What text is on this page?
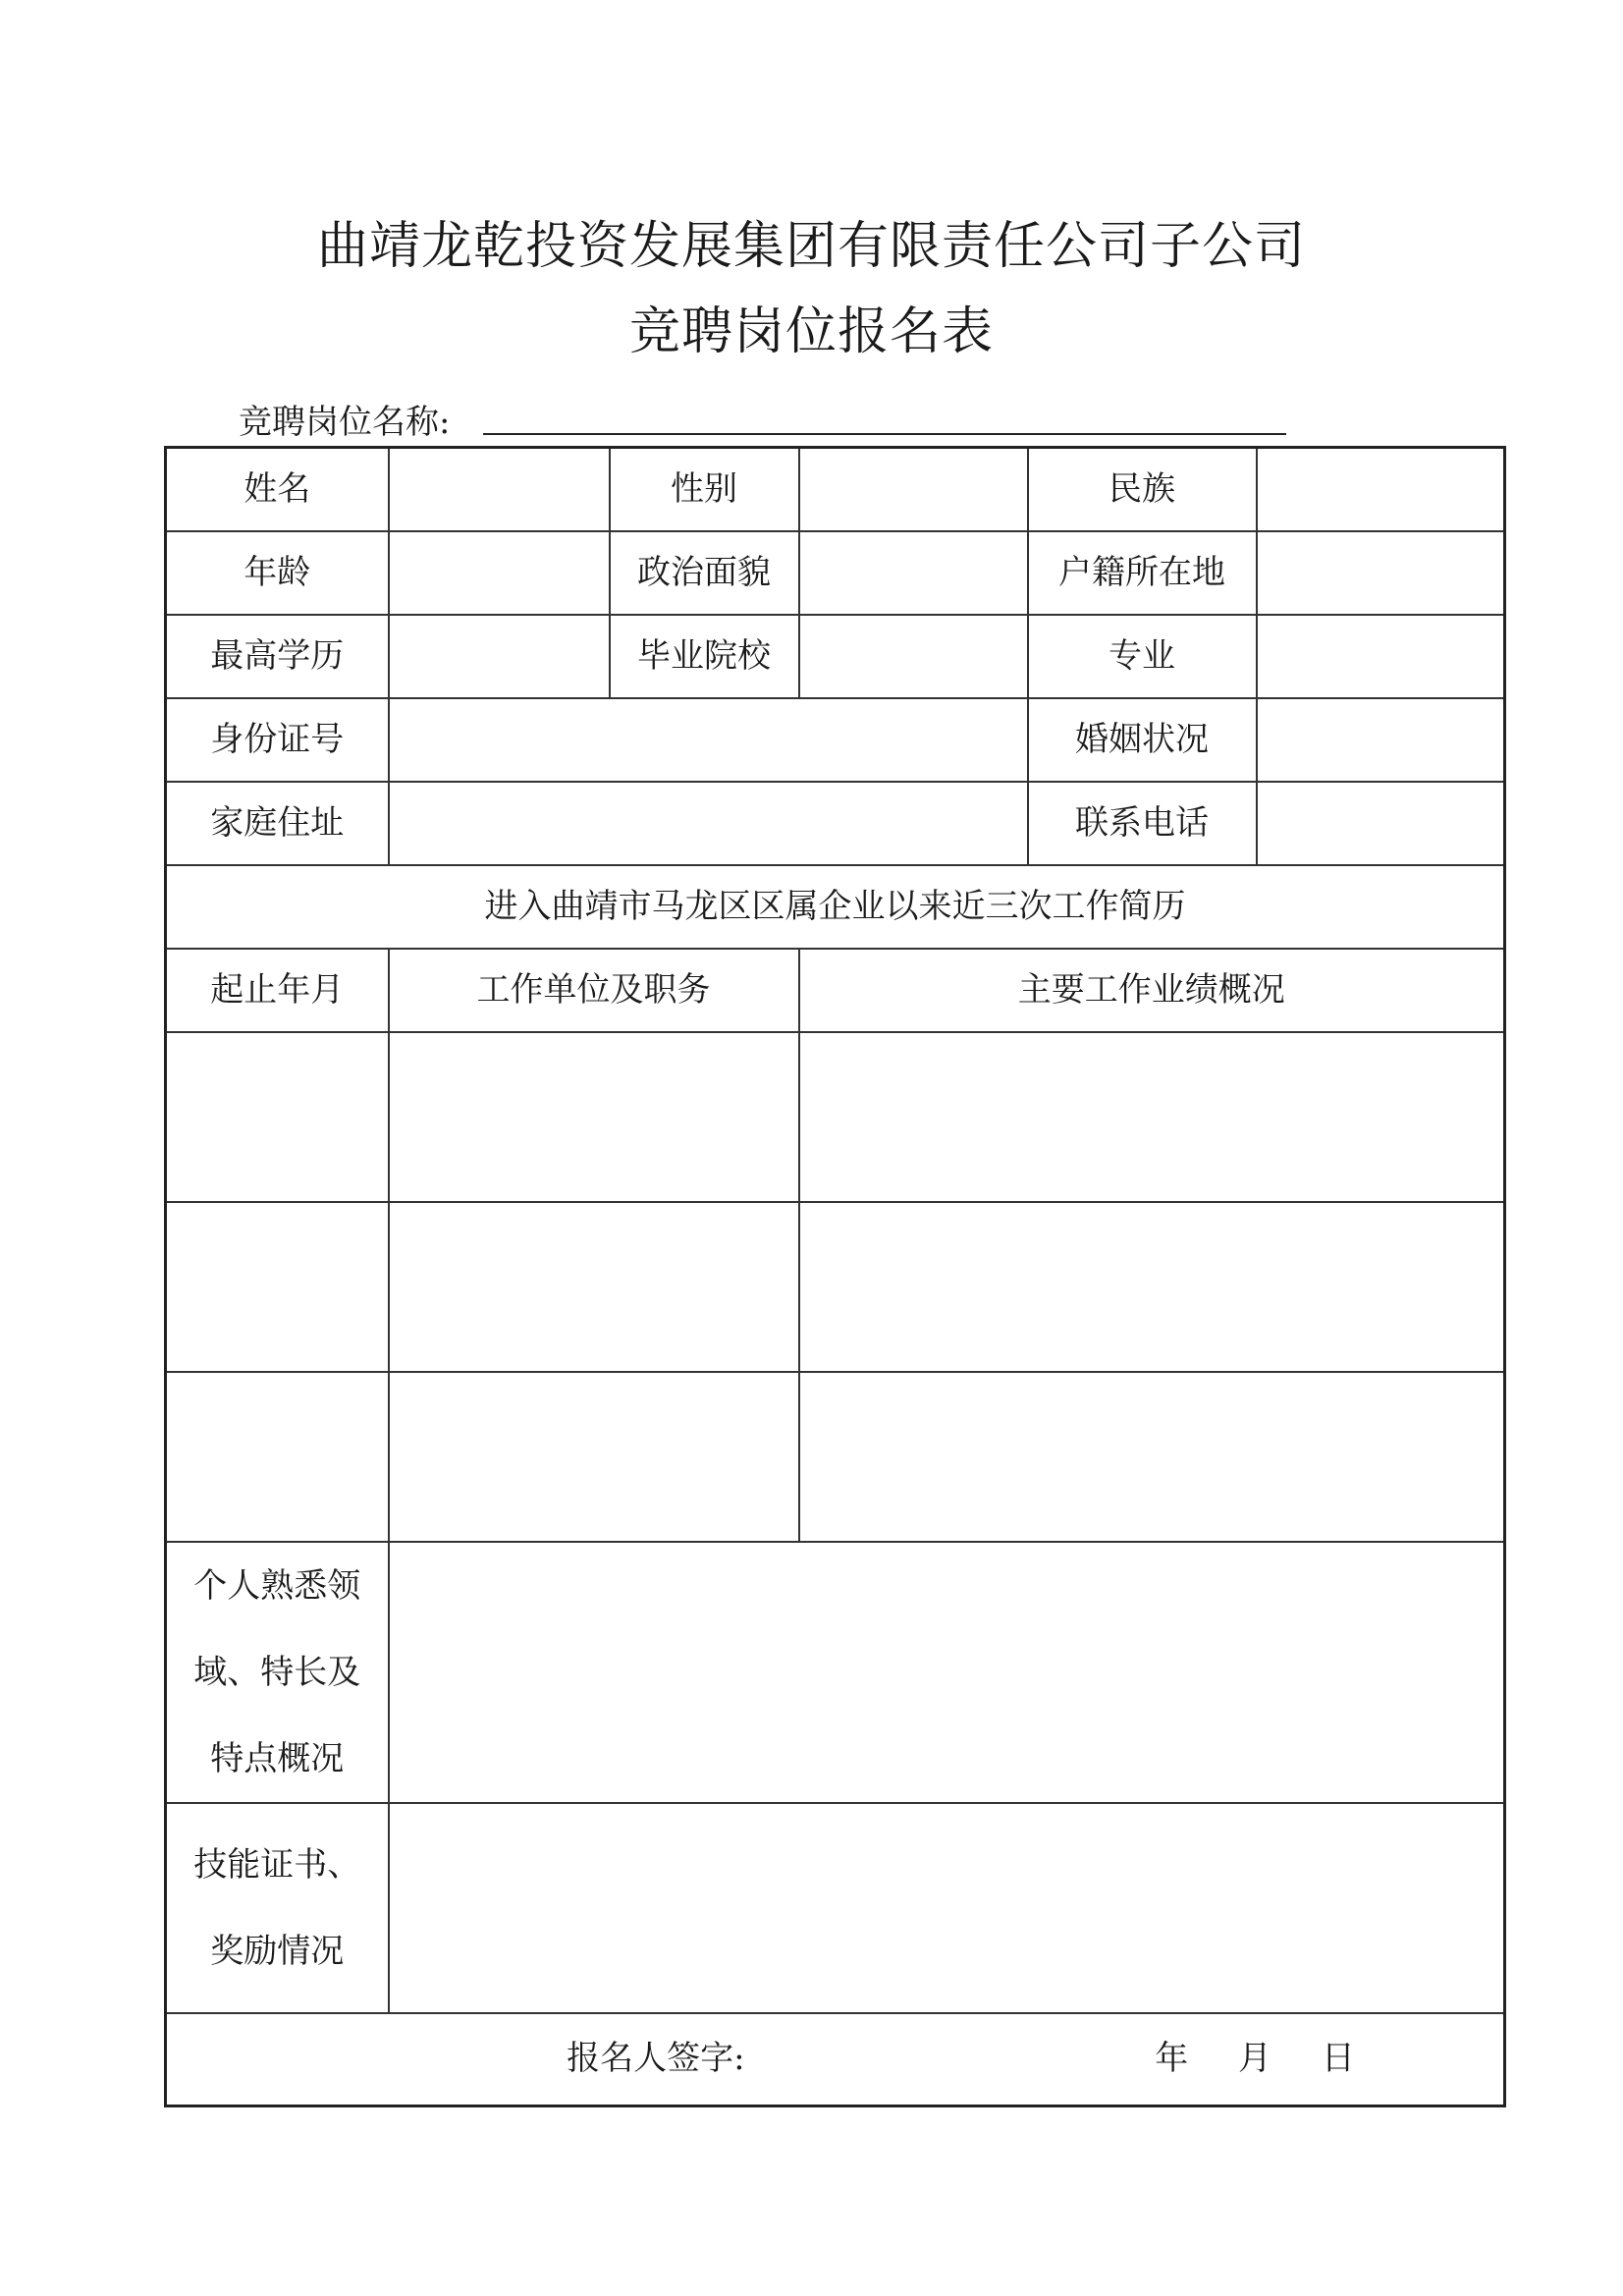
曲靖龙乾投资发展集团有限责任公司子公司
竞聘岗位报名表
竞聘岗位名称:
姓名		性别		民族	
年龄		政治面貌		户籍所在地	
最高学历		毕业院校		专业	
身份证号				婚姻状况	
家庭住址				联系电话	
进入曲靖市马龙区区属企业以来近三次工作简历					
起止年月	工作单位及职务		主要工作业绩概况		

个人熟悉领
域、特长及
特点概况					

技能证书、
奖励情况					

报名人签字: 年 月 日					
